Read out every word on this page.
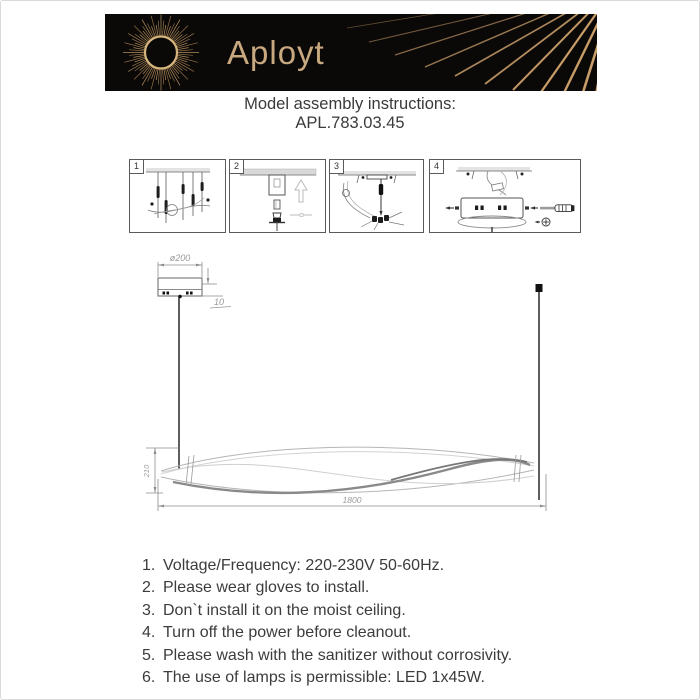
Aployt
Model assembly instructions:
APL.783.03.45
1	2	3	4
ø200
10
210
1800
1. Voltage/Frequency: 220-230V 50-60Hz.
2. Please wear gloves to install.
3. Don`t install it on the moist ceiling.
4. Turn off the power before cleanout.
5. Please wash with the sanitizer without corrosivity.
6. The use of lamps is permissible: LED 1x45W.
